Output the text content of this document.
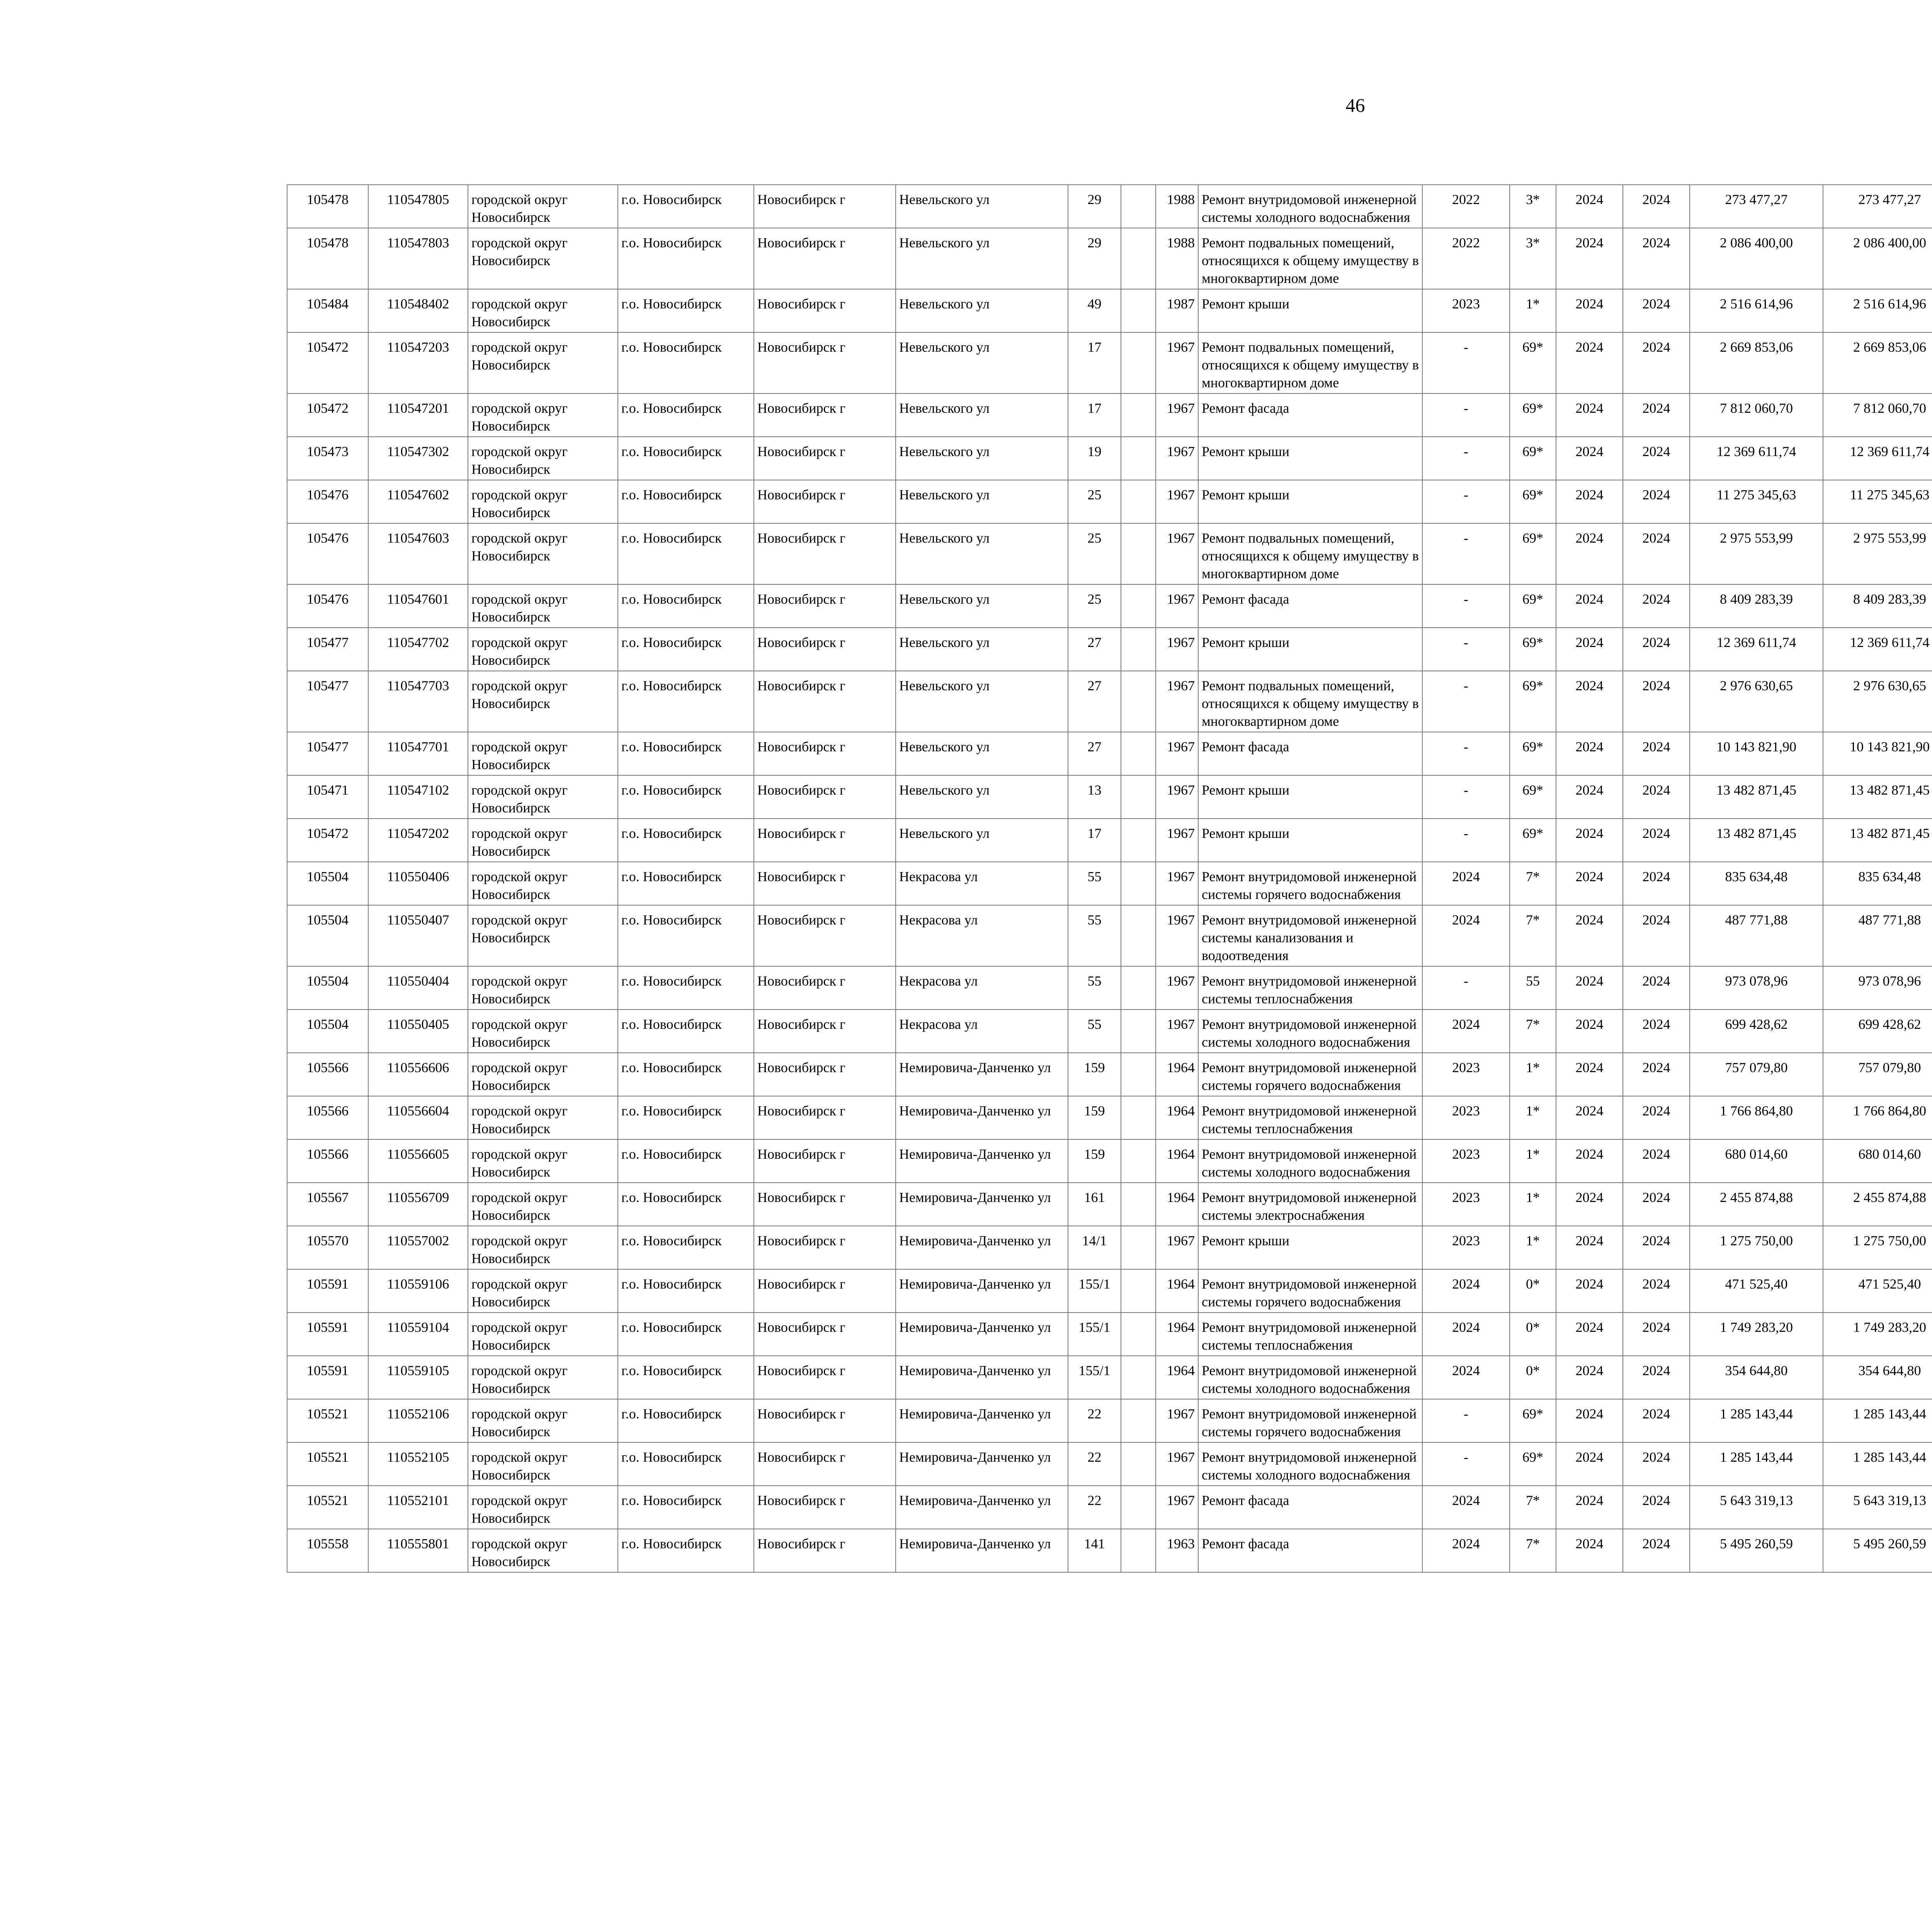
46
105478	110547805	городской округ Новосибирск	г.о. Новосибирск	Новосибирск г	Невельского ул	29		1988	Ремонт внутридомовой инженерной системы холодного водоснабжения	2022	3*	2024	2024	273 477,27	273 477,27						
105478	110547803	городской округ Новосибирск	г.о. Новосибирск	Новосибирск г	Невельского ул	29		1988	Ремонт подвальных помещений, относящихся к общему имуществу в многоквартирном доме	2022	3*	2024	2024	2 086 400,00	2 086 400,00						
105484	110548402	городской округ Новосибирск	г.о. Новосибирск	Новосибирск г	Невельского ул	49		1987	Ремонт крыши	2023	1*	2024	2024	2 516 614,96	2 516 614,96						
105472	110547203	городской округ Новосибирск	г.о. Новосибирск	Новосибирск г	Невельского ул	17		1967	Ремонт подвальных помещений, относящихся к общему имуществу в многоквартирном доме	-	69*	2024	2024	2 669 853,06	2 669 853,06						
105472	110547201	городской округ Новосибирск	г.о. Новосибирск	Новосибирск г	Невельского ул	17		1967	Ремонт фасада	-	69*	2024	2024	7 812 060,70	7 812 060,70						
105473	110547302	городской округ Новосибирск	г.о. Новосибирск	Новосибирск г	Невельского ул	19		1967	Ремонт крыши	-	69*	2024	2024	12 369 611,74	12 369 611,74						
105476	110547602	городской округ Новосибирск	г.о. Новосибирск	Новосибирск г	Невельского ул	25		1967	Ремонт крыши	-	69*	2024	2024	11 275 345,63	11 275 345,63						
105476	110547603	городской округ Новосибирск	г.о. Новосибирск	Новосибирск г	Невельского ул	25		1967	Ремонт подвальных помещений, относящихся к общему имуществу в многоквартирном доме	-	69*	2024	2024	2 975 553,99	2 975 553,99						
105476	110547601	городской округ Новосибирск	г.о. Новосибирск	Новосибирск г	Невельского ул	25		1967	Ремонт фасада	-	69*	2024	2024	8 409 283,39	8 409 283,39						
105477	110547702	городской округ Новосибирск	г.о. Новосибирск	Новосибирск г	Невельского ул	27		1967	Ремонт крыши	-	69*	2024	2024	12 369 611,74	12 369 611,74						
105477	110547703	городской округ Новосибирск	г.о. Новосибирск	Новосибирск г	Невельского ул	27		1967	Ремонт подвальных помещений, относящихся к общему имуществу в многоквартирном доме	-	69*	2024	2024	2 976 630,65	2 976 630,65						
105477	110547701	городской округ Новосибирск	г.о. Новосибирск	Новосибирск г	Невельского ул	27		1967	Ремонт фасада	-	69*	2024	2024	10 143 821,90	10 143 821,90						
105471	110547102	городской округ Новосибирск	г.о. Новосибирск	Новосибирск г	Невельского ул	13		1967	Ремонт крыши	-	69*	2024	2024	13 482 871,45	13 482 871,45						
105472	110547202	городской округ Новосибирск	г.о. Новосибирск	Новосибирск г	Невельского ул	17		1967	Ремонт крыши	-	69*	2024	2024	13 482 871,45	13 482 871,45						
105504	110550406	городской округ Новосибирск	г.о. Новосибирск	Новосибирск г	Некрасова ул	55		1967	Ремонт внутридомовой инженерной системы горячего водоснабжения	2024	7*	2024	2024	835 634,48	835 634,48						
105504	110550407	городской округ Новосибирск	г.о. Новосибирск	Новосибирск г	Некрасова ул	55		1967	Ремонт внутридомовой инженерной системы канализования и водоотведения	2024	7*	2024	2024	487 771,88	487 771,88						
105504	110550404	городской округ Новосибирск	г.о. Новосибирск	Новосибирск г	Некрасова ул	55		1967	Ремонт внутридомовой инженерной системы теплоснабжения	-	55	2024	2024	973 078,96	973 078,96						
105504	110550405	городской округ Новосибирск	г.о. Новосибирск	Новосибирск г	Некрасова ул	55		1967	Ремонт внутридомовой инженерной системы холодного водоснабжения	2024	7*	2024	2024	699 428,62	699 428,62						
105566	110556606	городской округ Новосибирск	г.о. Новосибирск	Новосибирск г	Немировича-Данченко ул	159		1964	Ремонт внутридомовой инженерной системы горячего водоснабжения	2023	1*	2024	2024	757 079,80	757 079,80						
105566	110556604	городской округ Новосибирск	г.о. Новосибирск	Новосибирск г	Немировича-Данченко ул	159		1964	Ремонт внутридомовой инженерной системы теплоснабжения	2023	1*	2024	2024	1 766 864,80	1 766 864,80						
105566	110556605	городской округ Новосибирск	г.о. Новосибирск	Новосибирск г	Немировича-Данченко ул	159		1964	Ремонт внутридомовой инженерной системы холодного водоснабжения	2023	1*	2024	2024	680 014,60	680 014,60						
105567	110556709	городской округ Новосибирск	г.о. Новосибирск	Новосибирск г	Немировича-Данченко ул	161		1964	Ремонт внутридомовой инженерной системы электроснабжения	2023	1*	2024	2024	2 455 874,88	2 455 874,88						
105570	110557002	городской округ Новосибирск	г.о. Новосибирск	Новосибирск г	Немировича-Данченко ул	14/1		1967	Ремонт крыши	2023	1*	2024	2024	1 275 750,00	1 275 750,00						
105591	110559106	городской округ Новосибирск	г.о. Новосибирск	Новосибирск г	Немировича-Данченко ул	155/1		1964	Ремонт внутридомовой инженерной системы горячего водоснабжения	2024	0*	2024	2024	471 525,40	471 525,40						
105591	110559104	городской округ Новосибирск	г.о. Новосибирск	Новосибирск г	Немировича-Данченко ул	155/1		1964	Ремонт внутридомовой инженерной системы теплоснабжения	2024	0*	2024	2024	1 749 283,20	1 749 283,20						
105591	110559105	городской округ Новосибирск	г.о. Новосибирск	Новосибирск г	Немировича-Данченко ул	155/1		1964	Ремонт внутридомовой инженерной системы холодного водоснабжения	2024	0*	2024	2024	354 644,80	354 644,80						
105521	110552106	городской округ Новосибирск	г.о. Новосибирск	Новосибирск г	Немировича-Данченко ул	22		1967	Ремонт внутридомовой инженерной системы горячего водоснабжения	-	69*	2024	2024	1 285 143,44	1 285 143,44						
105521	110552105	городской округ Новосибирск	г.о. Новосибирск	Новосибирск г	Немировича-Данченко ул	22		1967	Ремонт внутридомовой инженерной системы холодного водоснабжения	-	69*	2024	2024	1 285 143,44	1 285 143,44						
105521	110552101	городской округ Новосибирск	г.о. Новосибирск	Новосибирск г	Немировича-Данченко ул	22		1967	Ремонт фасада	2024	7*	2024	2024	5 643 319,13	5 643 319,13						
105558	110555801	городской округ Новосибирск	г.о. Новосибирск	Новосибирск г	Немировича-Данченко ул	141		1963	Ремонт фасада	2024	7*	2024	2024	5 495 260,59	5 495 260,59						
